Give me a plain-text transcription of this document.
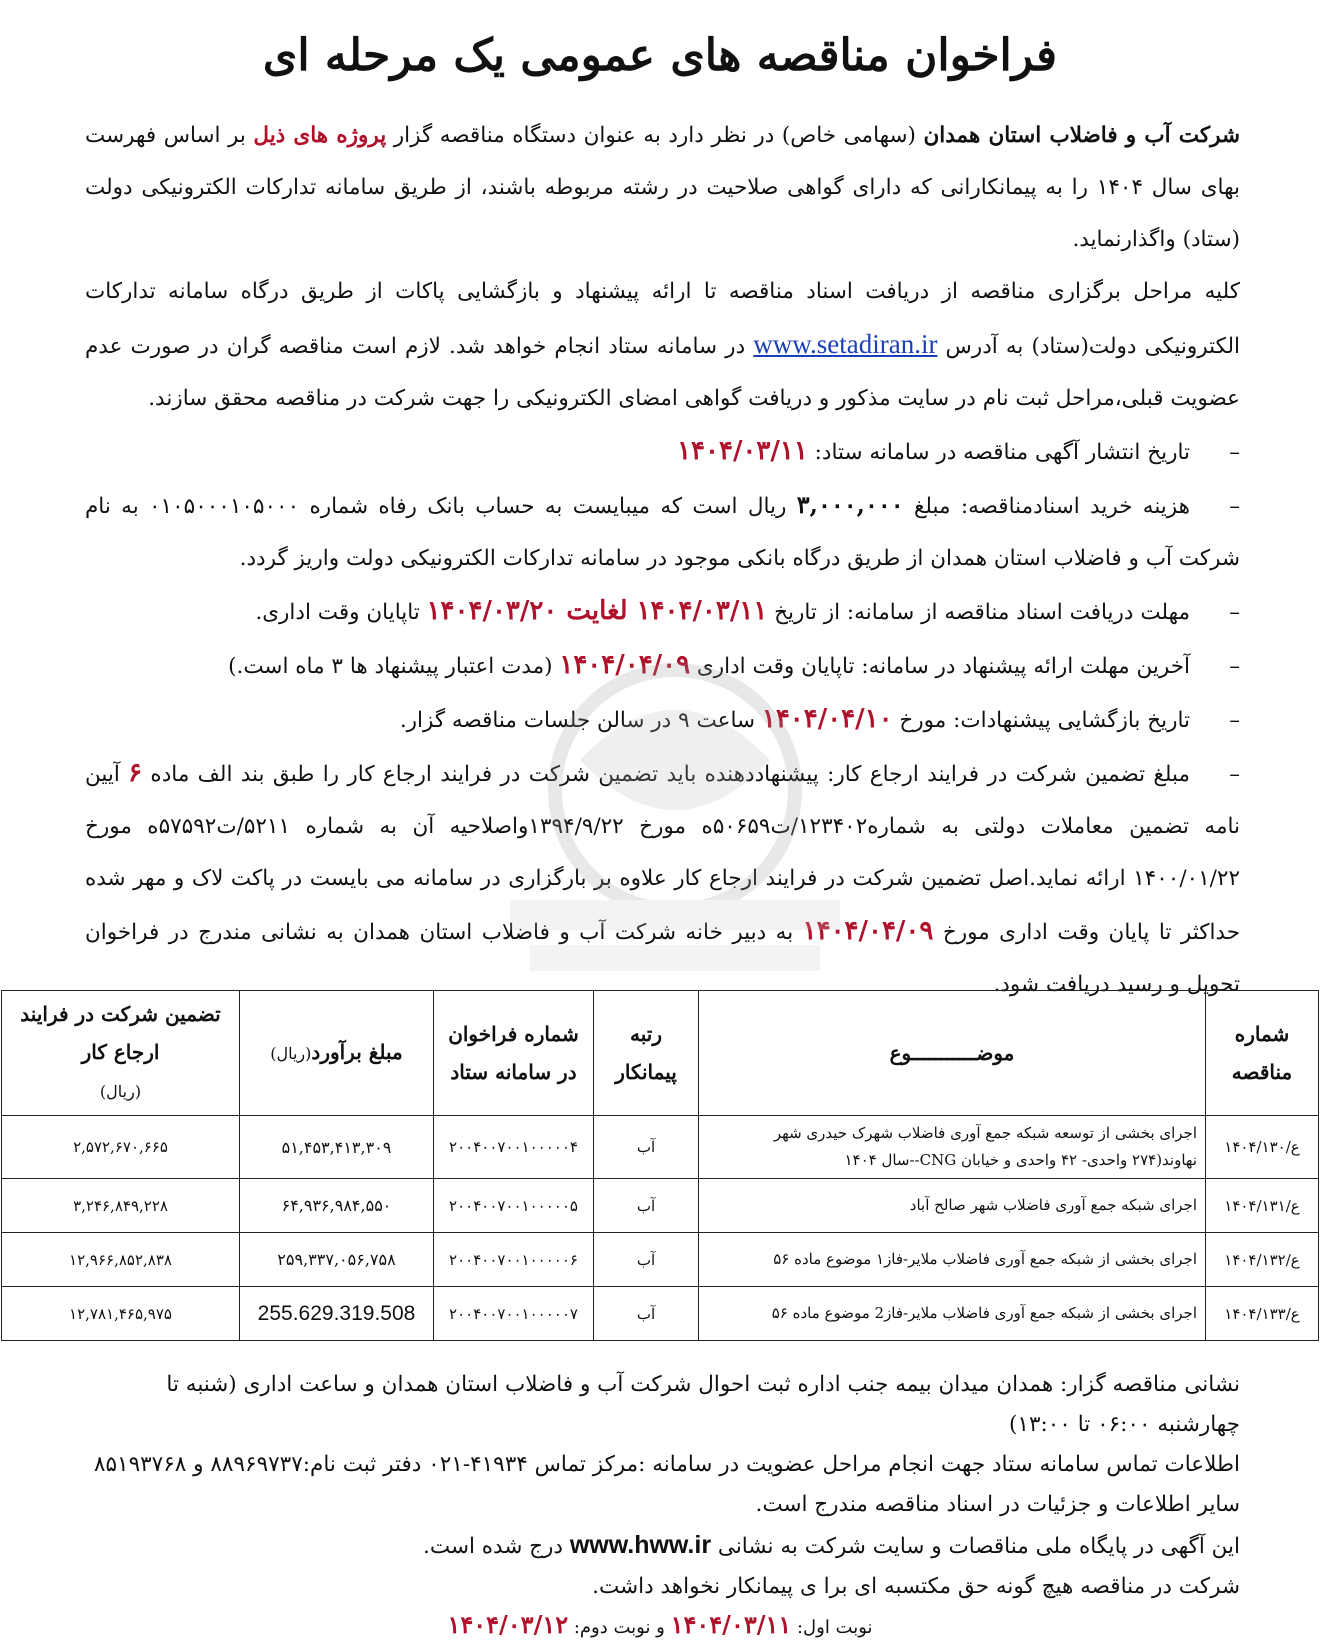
فراخوان مناقصه های عمومی یک مرحله ای

شرکت آب و فاضلاب استان همدان (سهامی خاص) در نظر دارد به عنوان دستگاه مناقصه گزار پروژه های ذیل بر اساس فهرست بهای سال ۱۴۰۴ را به پیمانکارانی که دارای گواهی صلاحیت در رشته مربوطه باشند، از طریق سامانه تدارکات الکترونیکی دولت (ستاد) واگذارنماید.

کلیه مراحل برگزاری مناقصه از دریافت اسناد مناقصه تا ارائه پیشنهاد و بازگشایی پاکات از طریق درگاه سامانه تدارکات الکترونیکی دولت(ستاد) به آدرس www.setadiran.ir در سامانه ستاد انجام خواهد شد. لازم است مناقصه گران در صورت عدم عضویت قبلی،مراحل ثبت نام در سایت مذکور و دریافت گواهی امضای الکترونیکی را جهت شرکت در مناقصه محقق سازند.

–تاریخ انتشار آگهی مناقصه در سامانه ستاد: ۱۴۰۴/۰۳/۱۱

–هزینه خرید اسنادمناقصه: مبلغ ۳,۰۰۰,۰۰۰ ریال است که میبایست به حساب بانک رفاه شماره ۰۱۰۵۰۰۰۱۰۵۰۰۰ به نام شرکت آب و فاضلاب استان همدان از طریق درگاه بانکی موجود در سامانه تدارکات الکترونیکی دولت واریز گردد.

–مهلت دریافت اسناد مناقصه از سامانه: از تاریخ ۱۴۰۴/۰۳/۱۱ لغایت ۱۴۰۴/۰۳/۲۰ تاپایان وقت اداری.

–آخرین مهلت ارائه پیشنهاد در سامانه: تاپایان وقت اداری ۱۴۰۴/۰۴/۰۹ (مدت اعتبار پیشنهاد ها ۳ ماه است.)

–تاریخ بازگشایی پیشنهادات: مورخ ۱۴۰۴/۰۴/۱۰ ساعت ۹ در سالن جلسات مناقصه گزار.

–مبلغ تضمین شرکت در فرایند ارجاع کار: پیشنهاددهنده باید تضمین شرکت در فرایند ارجاع کار را طبق بند الف ماده ۶ آیین نامه تضمین معاملات دولتی به شماره۱۲۳۴۰۲/ت۵۰۶۵۹ه مورخ ۱۳۹۴/۹/۲۲واصلاحیه آن به شماره ۵۲۱۱/ت۵۷۵۹۲ه مورخ ۱۴۰۰/۰۱/۲۲ ارائه نماید.اصل تضمین شرکت در فرایند ارجاع کار علاوه بر بارگزاری در سامانه می بایست در پاکت لاک و مهر شده حداکثر تا پایان وقت اداری مورخ ۱۴۰۴/۰۴/۰۹ به دبیر خانه شرکت آب و فاضلاب استان همدان به نشانی مندرج در فراخوان تحویل و رسید دریافت شود.

شماره مناقصه	موضـــــــــــوع	رتبه پیمانکار	شماره فراخوان در سامانه ستاد	مبلغ برآورد(ریال)	تضمین شرکت در فرایند ارجاع کار
(ریال)
ع/۱۴۰۴/۱۳۰	اجرای بخشی از توسعه شبکه جمع آوری فاضلاب شهرک حیدری شهر نهاوند(۲۷۴ واحدی- ۴۲ واحدی و خیابان CNG--سال ۱۴۰۴	آب	۲۰۰۴۰۰۷۰۰۱۰۰۰۰۰۴	۵۱,۴۵۳,۴۱۳,۳۰۹	۲,۵۷۲,۶۷۰,۶۶۵
ع/۱۴۰۴/۱۳۱	اجرای شبکه جمع آوری فاضلاب شهر صالح آباد	آب	۲۰۰۴۰۰۷۰۰۱۰۰۰۰۰۵	۶۴,۹۳۶,۹۸۴,۵۵۰	۳,۲۴۶,۸۴۹,۲۲۸
ع/۱۴۰۴/۱۳۲	اجرای بخشی از شبکه جمع آوری فاضلاب ملایر-فاز۱ موضوع ماده ۵۶	آب	۲۰۰۴۰۰۷۰۰۱۰۰۰۰۰۶	۲۵۹,۳۳۷,۰۵۶,۷۵۸	۱۲,۹۶۶,۸۵۲,۸۳۸
ع/۱۴۰۴/۱۳۳	اجرای بخشی از شبکه جمع آوری فاضلاب ملایر-فاز2 موضوع ماده ۵۶	آب	۲۰۰۴۰۰۷۰۰۱۰۰۰۰۰۷	255.629.319.508	۱۲,۷۸۱,۴۶۵,۹۷۵

نشانی مناقصه گزار: همدان میدان بیمه جنب اداره ثبت احوال شرکت آب و فاضلاب استان همدان و ساعت اداری (شنبه تا چهارشنبه ۰۶:۰۰ تا ۱۳:۰۰)

اطلاعات تماس سامانه ستاد جهت انجام مراحل عضویت در سامانه :مرکز تماس ۴۱۹۳۴-۰۲۱ دفتر ثبت نام:۸۸۹۶۹۷۳۷ و ۸۵۱۹۳۷۶۸

سایر اطلاعات و جزئیات در اسناد مناقصه مندرج است.

این آگهی در پایگاه ملی مناقصات و سایت شرکت به نشانی www.hww.ir درج شده است.

شرکت در مناقصه هیچ گونه حق مکتسبه ای برا ی پیمانکار نخواهد داشت.

نوبت اول: ۱۴۰۴/۰۳/۱۱ و نوبت دوم: ۱۴۰۴/۰۳/۱۲
